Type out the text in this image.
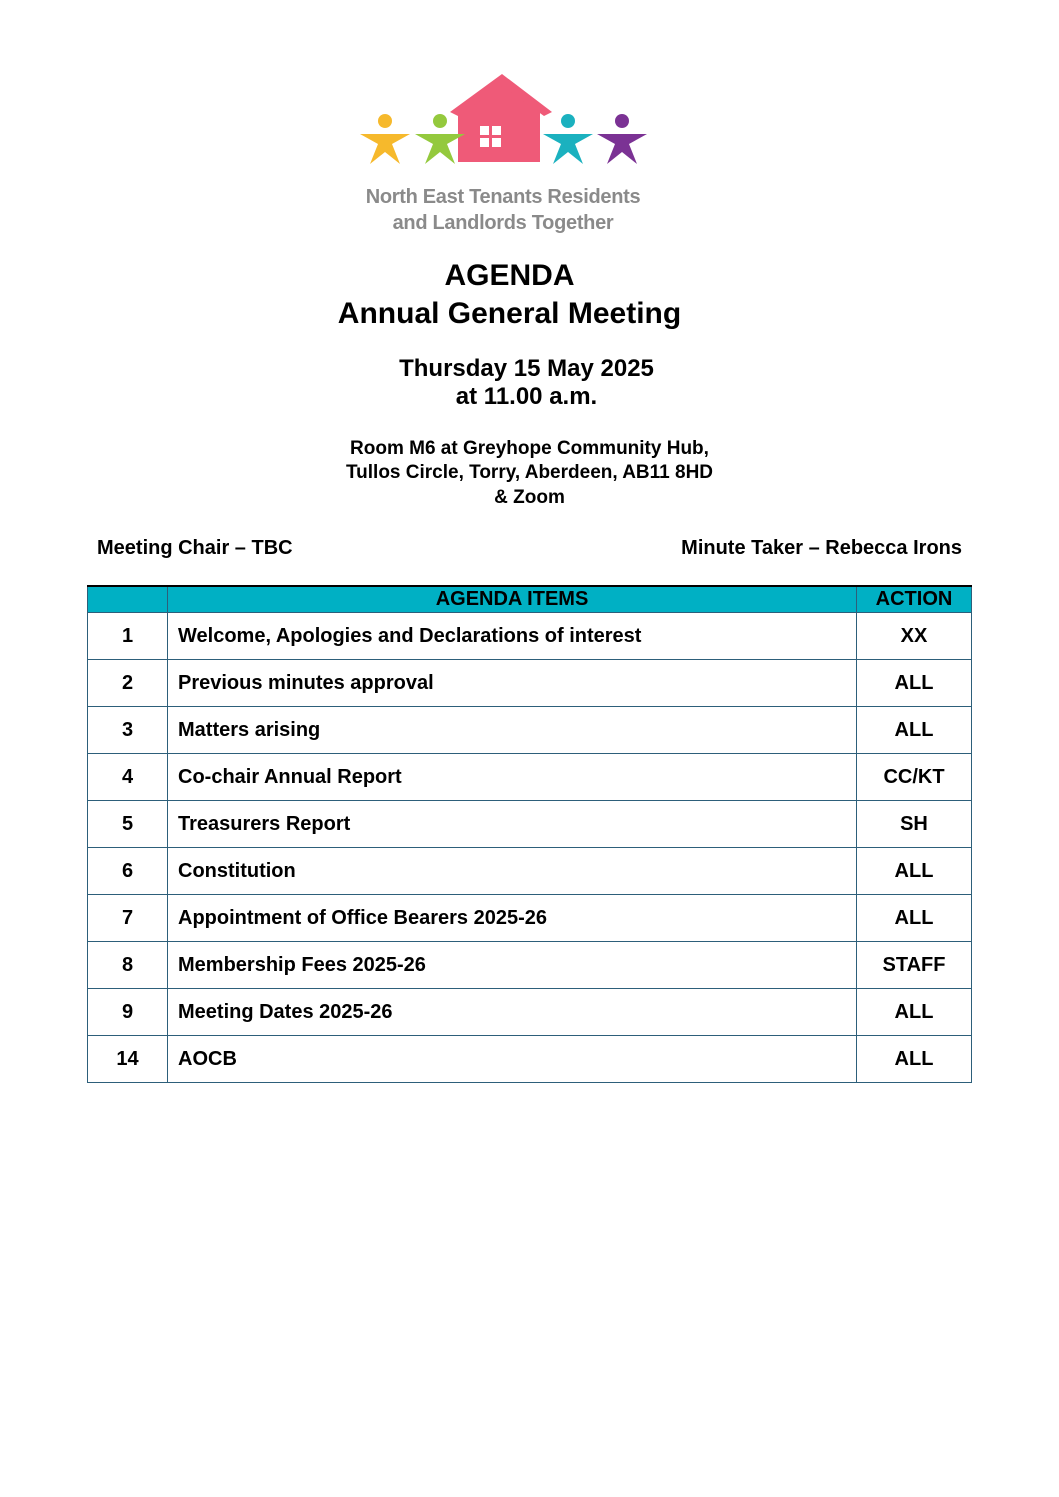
North East Tenants Residents
and Landlords Together
AGENDA
Annual General Meeting
Thursday 15 May 2025
at 11.00 a.m.
Room M6 at Greyhope Community Hub,
Tullos Circle, Torry, Aberdeen, AB11 8HD
& Zoom
Meeting Chair – TBC	Minute Taker – Rebecca Irons
	AGENDA ITEMS	ACTION
1	Welcome, Apologies and Declarations of interest	XX
2	Previous minutes approval	ALL
3	Matters arising	ALL
4	Co-chair Annual Report	CC/KT
5	Treasurers Report	SH
6	Constitution	ALL
7	Appointment of Office Bearers 2025-26	ALL
8	Membership Fees 2025-26	STAFF
9	Meeting Dates 2025-26	ALL
14	AOCB	ALL
